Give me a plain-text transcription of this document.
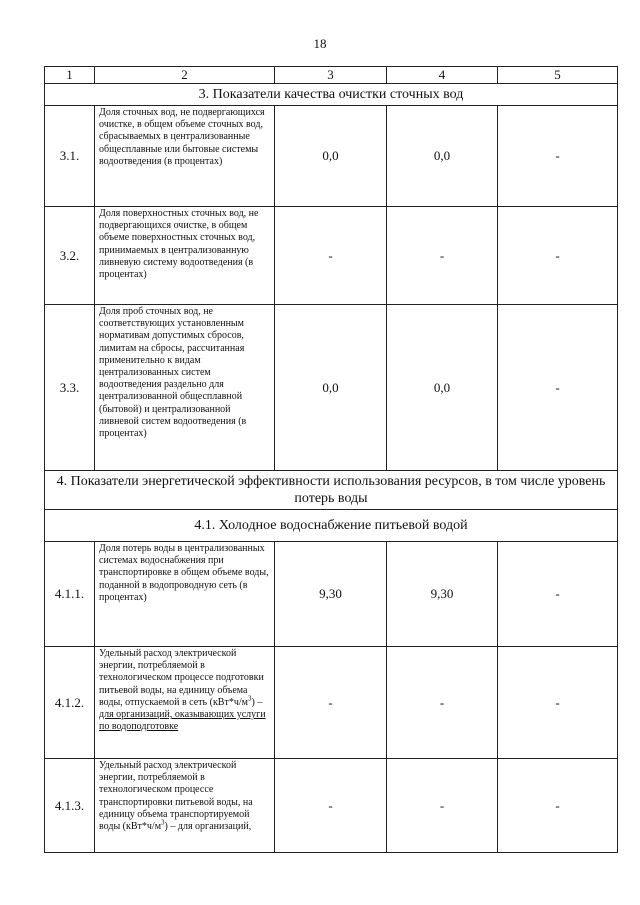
18
1	2	3	4	5
3. Показатели качества очистки сточных вод				
3.1.	Доля сточных вод, не подвергающихся очистке, в общем объеме сточных вод, сбрасываемых в централизованные общесплавные или бытовые системы водоотведения (в процентах)	0,0	0,0	-
3.2.	Доля поверхностных сточных вод, не подвергающихся очистке, в общем объеме поверхностных сточных вод, принимаемых в централизованную ливневую систему водоотведения (в процентах)	-	-	-
3.3.	Доля проб сточных вод, не соответствующих установленным нормативам допустимых сбросов, лимитам на сбросы, рассчитанная применительно к видам централизованных систем водоотведения раздельно для централизованной общесплавной (бытовой) и централизованной ливневой систем водоотведения (в процентах)	0,0	0,0	-
4. Показатели энергетической эффективности использования ресурсов, в том числе уровень потерь воды				
4.1. Холодное водоснабжение питьевой водой				
4.1.1.	Доля потерь воды в централизованных системах водоснабжения при транспортировке в общем объеме воды, поданной в водопроводную сеть (в процентах)	9,30	9,30	-
4.1.2.	Удельный расход электрической энергии, потребляемой в технологическом процессе подготовки питьевой воды, на единицу объема воды, отпускаемой в сеть $(кВт*ч/м^3)$ – для организаций, оказывающих услуги по водоподготовке	-	-	-
4.1.3.	Удельный расход электрической энергии, потребляемой в технологическом процессе транспортировки питьевой воды, на единицу объема транспортируемой воды $(кВт*ч/м^3)$ – для организаций,	-	-	-
